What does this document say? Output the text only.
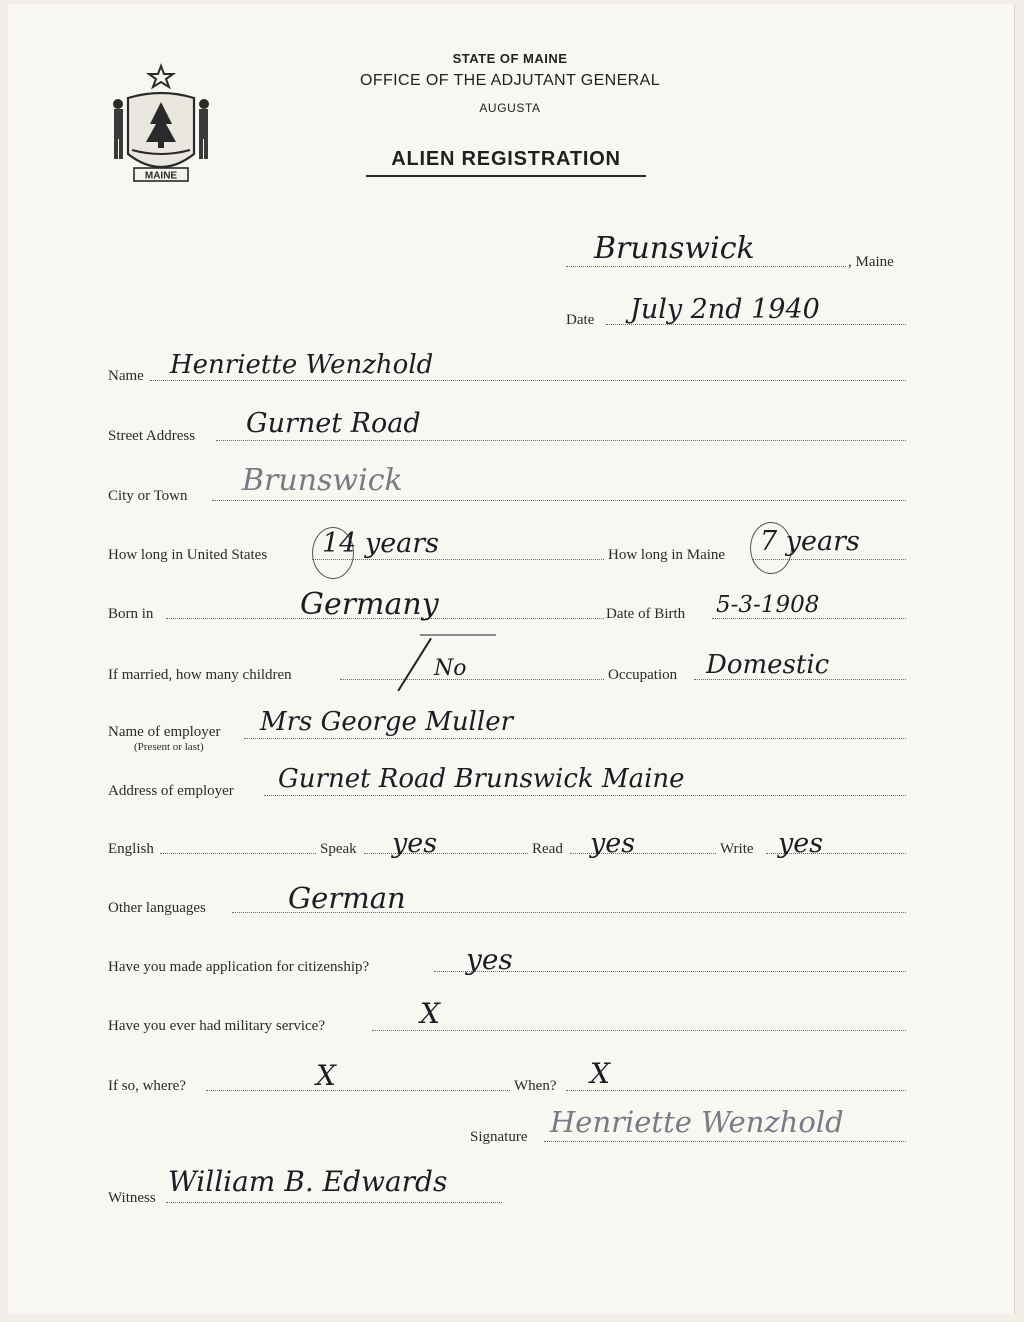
MAINE
STATE OF MAINE
OFFICE OF THE ADJUTANT GENERAL
AUGUSTA
ALIEN REGISTRATION
Brunswick	, Maine
Date July 2nd 1940
Name Henriette Wenzhold
Street Address Gurnet Road
City or Town Brunswick
How long in United States 14 years	How long in Maine 7 years
Born in	Germany	Date of Birth 5-3-1908
If married, how many children	No	Occupation Domestic
Name of employer
(Present or last)
Mrs George Muller
Address of employer Gurnet Road Brunswick Maine
English	Speak yes	Read yes	Write yes
Other languages	German
Have you made application for citizenship?	yes
Have you ever had military service?	X
If so, where?	X	When? X
Signature Henriette Wenzhold
Witness William B. Edwards
